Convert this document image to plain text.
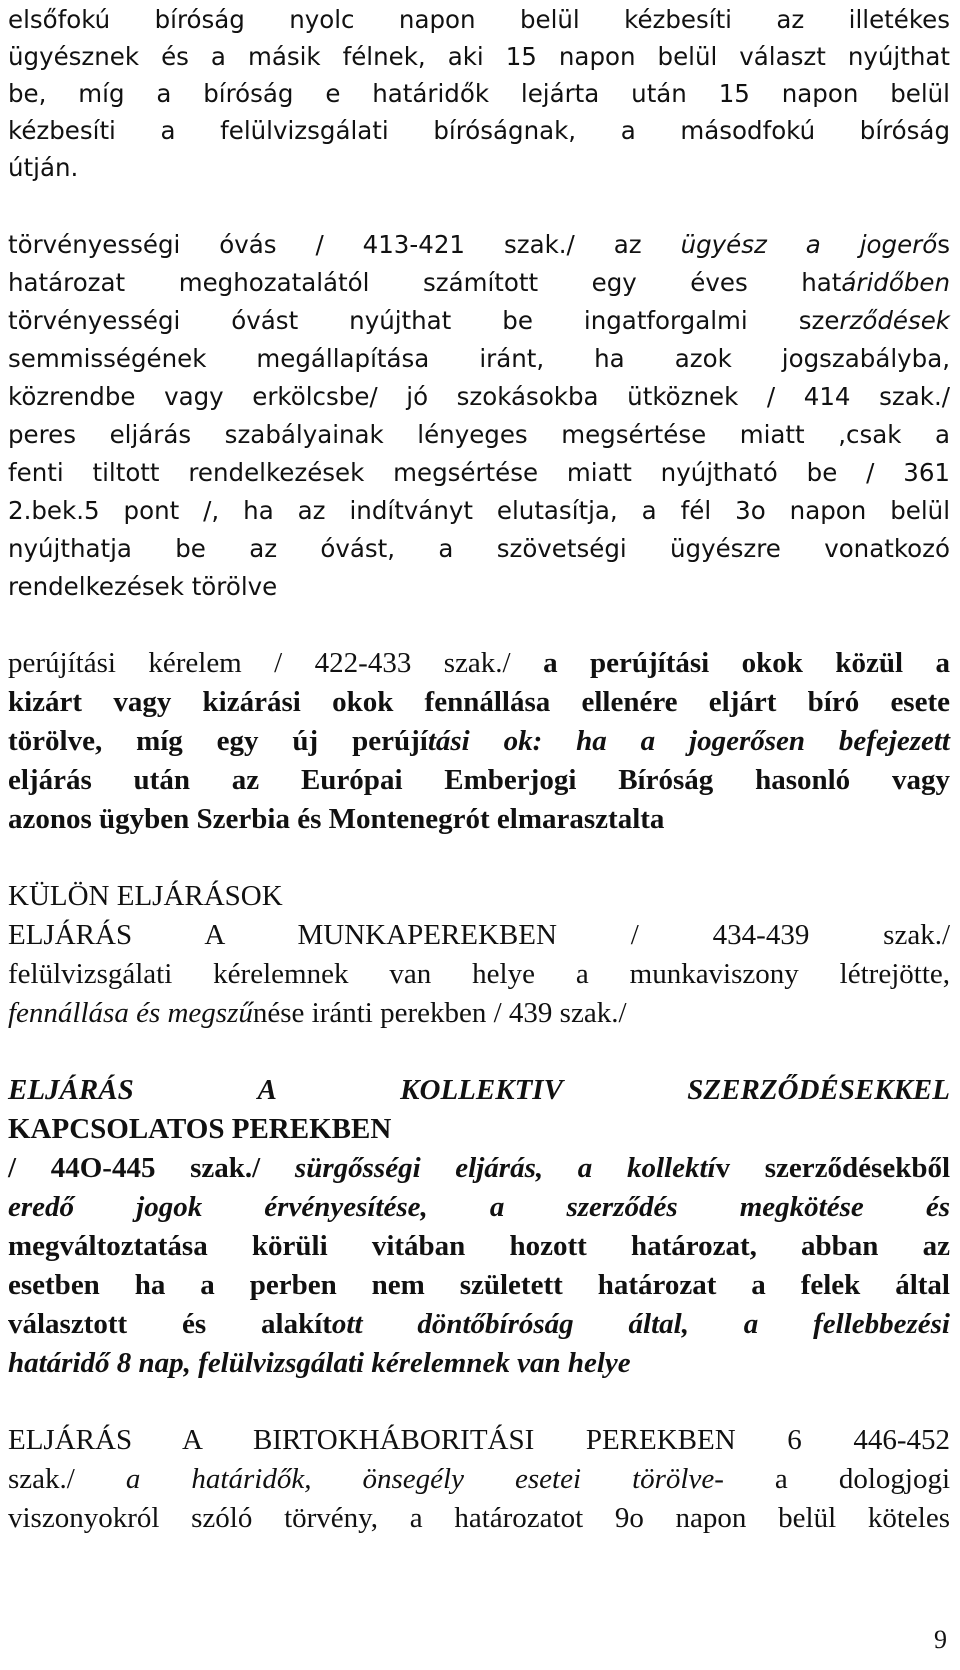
elsőfokú bíróság nyolc napon belül kézbesíti az illetékes
ügyésznek és a másik félnek, aki 15 napon belül választ nyújthat
be, míg a bíróság e határidők lejárta után 15 napon belül
kézbesíti a felülvizsgálati bíróságnak, a másodfokú bíróság
útján.
törvényességi óvás / 413-421 szak./ az ügyész a jogerős
határozat meghozatalától számított egy éves határidőben
törvényességi óvást nyújthat be ingatforgalmi szerződések
semmisségének megállapítása iránt, ha azok jogszabályba,
közrendbe vagy erkölcsbe/ jó szokásokba ütköznek / 414 szak./
peres eljárás szabályainak lényeges megsértése miatt ,csak a
fenti tiltott rendelkezések megsértése miatt nyújtható be / 361
2.bek.5 pont /, ha az indítványt elutasítja, a fél 3o napon belül
nyújthatja be az óvást, a szövetségi ügyészre vonatkozó
rendelkezések törölve
perújítási kérelem / 422-433 szak./ a perújítási okok közül a
kizárt vagy kizárási okok fennállása ellenére eljárt bíró esete
törölve, míg egy új perújítási ok: ha a jogerősen befejezett
eljárás után az Európai Emberjogi Bíróság hasonló vagy
azonos ügyben Szerbia és Montenegrót elmarasztalta
KÜLÖN ELJÁRÁSOK
ELJÁRÁS A MUNKAPEREKBEN / 434-439 szak./
felülvizsgálati kérelemnek van helye a munkaviszony létrejötte,
fennállása és megszűnése iránti perekben / 439 szak./
ELJÁRÁS A KOLLEKTIV SZERZŐDÉSEKKEL
KAPCSOLATOS PEREKBEN
/ 44O-445 szak./ sürgősségi eljárás, a kollektív szerződésekből
eredő jogok érvényesítése, a szerződés megkötése és
megváltoztatása körüli vitában hozott határozat, abban az
esetben ha a perben nem született határozat a felek által
választott és alakított döntőbíróság által, a fellebbezési
határidő 8 nap, felülvizsgálati kérelemnek van helye
ELJÁRÁS A BIRTOKHÁBORITÁSI PEREKBEN 6 446-452
szak./ a határidők, önsegély esetei törölve- a dologjogi
viszonyokról szóló törvény, a határozatot 9o napon belül köteles
9
